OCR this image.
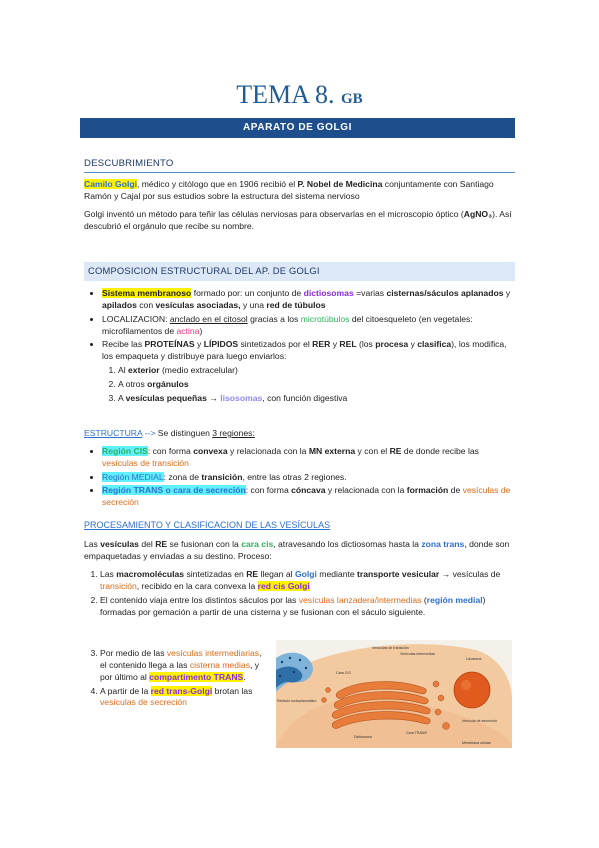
TEMA 8. GB
APARATO DE GOLGI
DESCUBRIMIENTO

Camilo Golgi, médico y citólogo que en 1906 recibió el P. Nobel de Medicina conjuntamente con Santiago Ramón y Cajal por sus estudios sobre la estructura del sistema nervioso

Golgi inventó un método para teñir las células nerviosas para observarlas en el microscopio óptico (AgNO₃). Así descubrió el orgánulo que recibe su nombre.

COMPOSICION ESTRUCTURAL DEL AP. DE GOLGI
• Sistema membranoso formado por: un conjunto de dictiosomas =varias cisternas/sáculos aplanados y apilados con vesículas asociadas, y una red de túbulos
• LOCALIZACION: anclado en el citosol gracias a los microtúbulos del citoesqueleto (en vegetales: microfilamentos de actina)
• Recibe las PROTEÍNAS y LÍPIDOS sintetizados por el RER y REL (los procesa y clasifica), los modifica, los empaqueta y distribuye para luego enviarlos:
1. Al exterior (medio extracelular)
2. A otros orgánulos
3. A vesículas pequeñas → lisosomas, con función digestiva

ESTRUCTURA --> Se distinguen 3 regiones:

• Región CIS: con forma convexa y relacionada con la MN externa y con el RE de donde recibe las vesículas de transición
• Región MEDIAL: zona de transición, entre las otras 2 regiones.
• Región TRANS o cara de secreción: con forma cóncava y relacionada con la formación de vesículas de secreción
PROCESAMIENTO Y CLASIFICACION DE LAS VESÍCULAS

Las vesículas del RE se fusionan con la cara cis, atravesando los dictiosomas hasta la zona trans, donde son empaquetadas y enviadas a su destino. Proceso:

1. Las macromoléculas sintetizadas en RE llegan al Golgi mediante transporte vesicular → vesículas de transición, recibido en la cara convexa la red cis Golgi
2. El contenido viaja entre los distintos sáculos por las vesículas lanzadera/intermedias (región medial) formadas por gemación a partir de una cisterna y se fusionan con el sáculo siguiente.
3. Por medio de las vesículas intermediarias, el contenido llega a las cisterna medias, y por último al compartimento TRANS.
4. A partir de la red trans-Golgi brotan las vesículas de secreción
Vesículas de transición
Vesículas intermedias
Lisosoma
Cara CIS
Retículo endoplasmático
Dictiosoma
Cara TRANS
Vesícula de secreción
Membrana celular
